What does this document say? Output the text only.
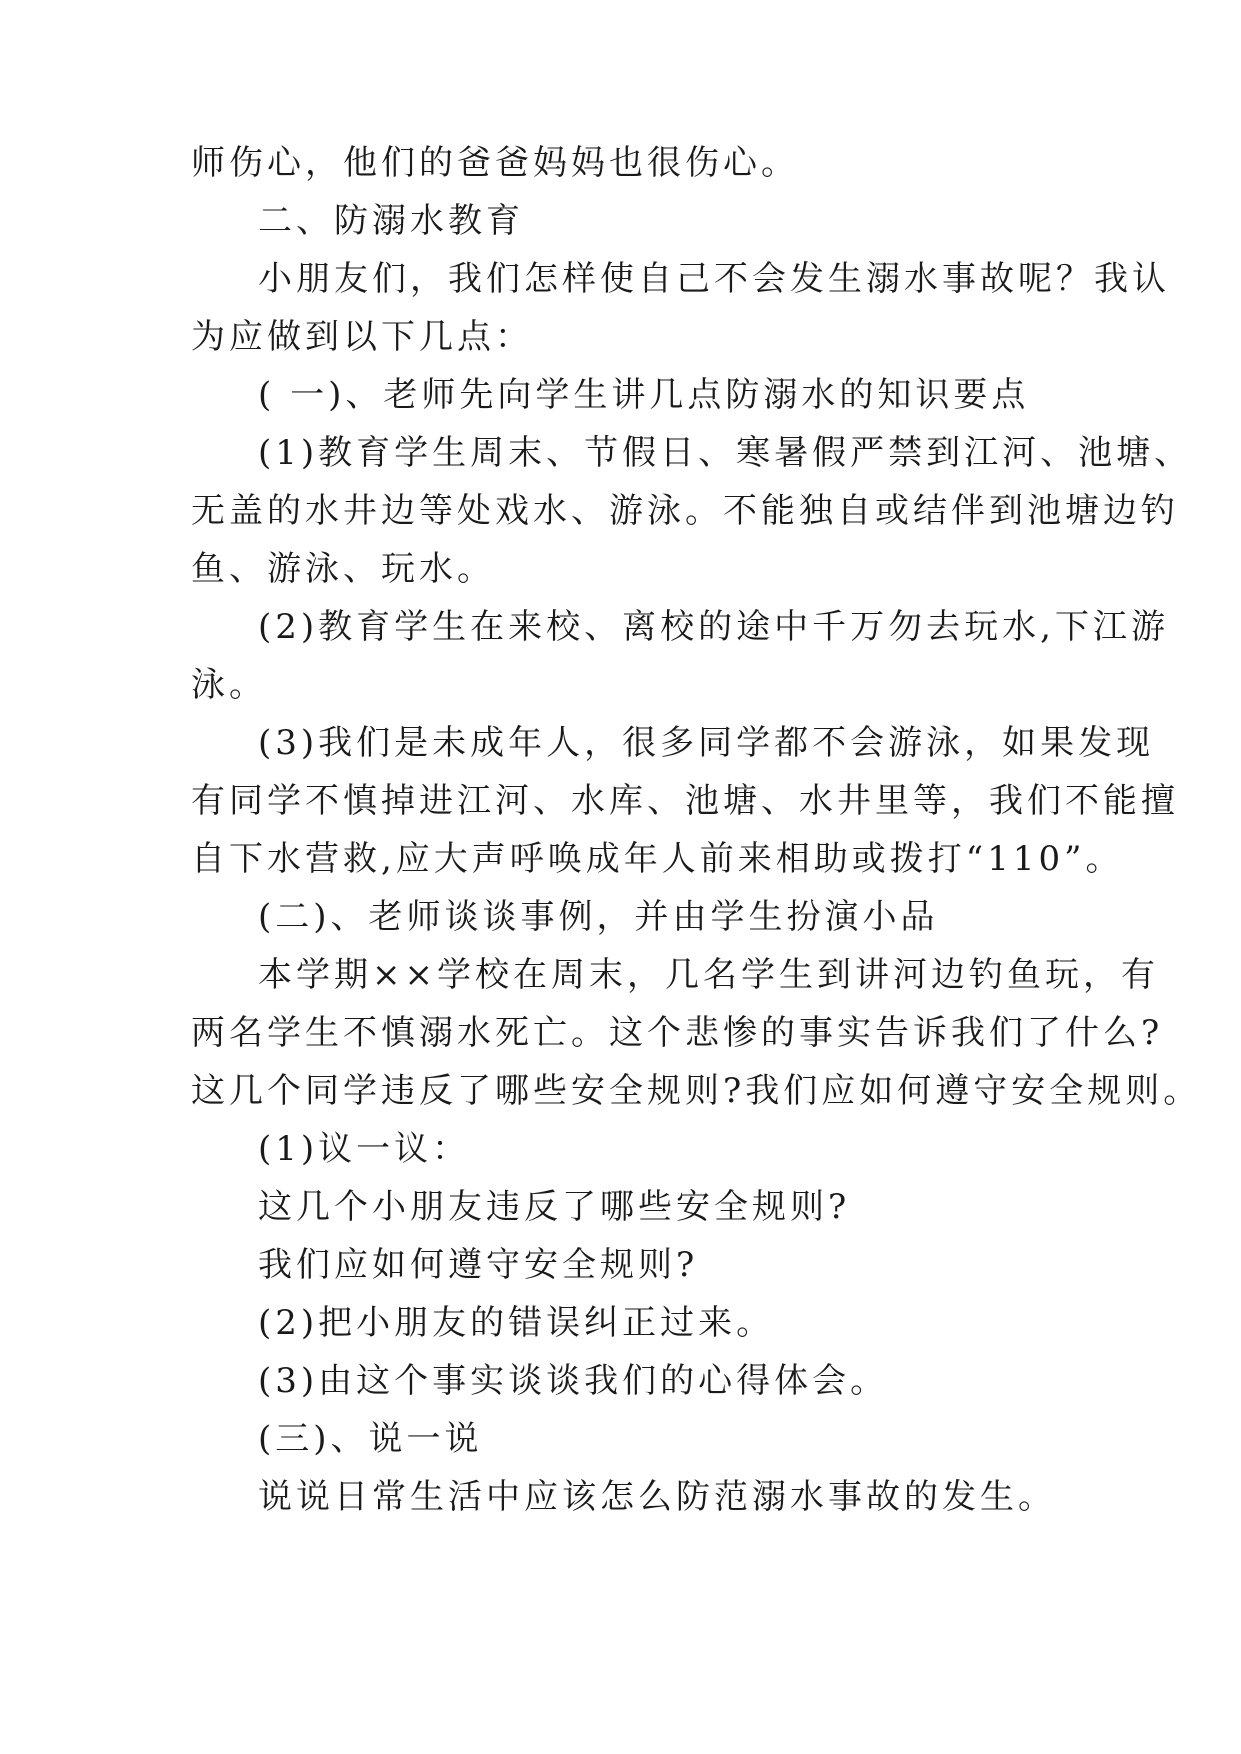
师伤心，他们的爸爸妈妈也很伤心。
二、防溺水教育
小朋友们，我们怎样使自己不会发生溺水事故呢？我认
为应做到以下几点：
( 一)、老师先向学生讲几点防溺水的知识要点
(1)教育学生周末、节假日、寒暑假严禁到江河、池塘、
无盖的水井边等处戏水、游泳。不能独自或结伴到池塘边钓
鱼、游泳、玩水。
(2)教育学生在来校、离校的途中千万勿去玩水,下江游
泳。
(3)我们是未成年人，很多同学都不会游泳，如果发现
有同学不慎掉进江河、水库、池塘、水井里等，我们不能擅
自下水营救,应大声呼唤成年人前来相助或拨打“110”。
(二)、老师谈谈事例，并由学生扮演小品
本学期××学校在周末，几名学生到讲河边钓鱼玩，有
两名学生不慎溺水死亡。这个悲惨的事实告诉我们了什么?
这几个同学违反了哪些安全规则?我们应如何遵守安全规则。
(1)议一议：
这几个小朋友违反了哪些安全规则?
我们应如何遵守安全规则?
(2)把小朋友的错误纠正过来。
(3)由这个事实谈谈我们的心得体会。
(三)、说一说
说说日常生活中应该怎么防范溺水事故的发生。
